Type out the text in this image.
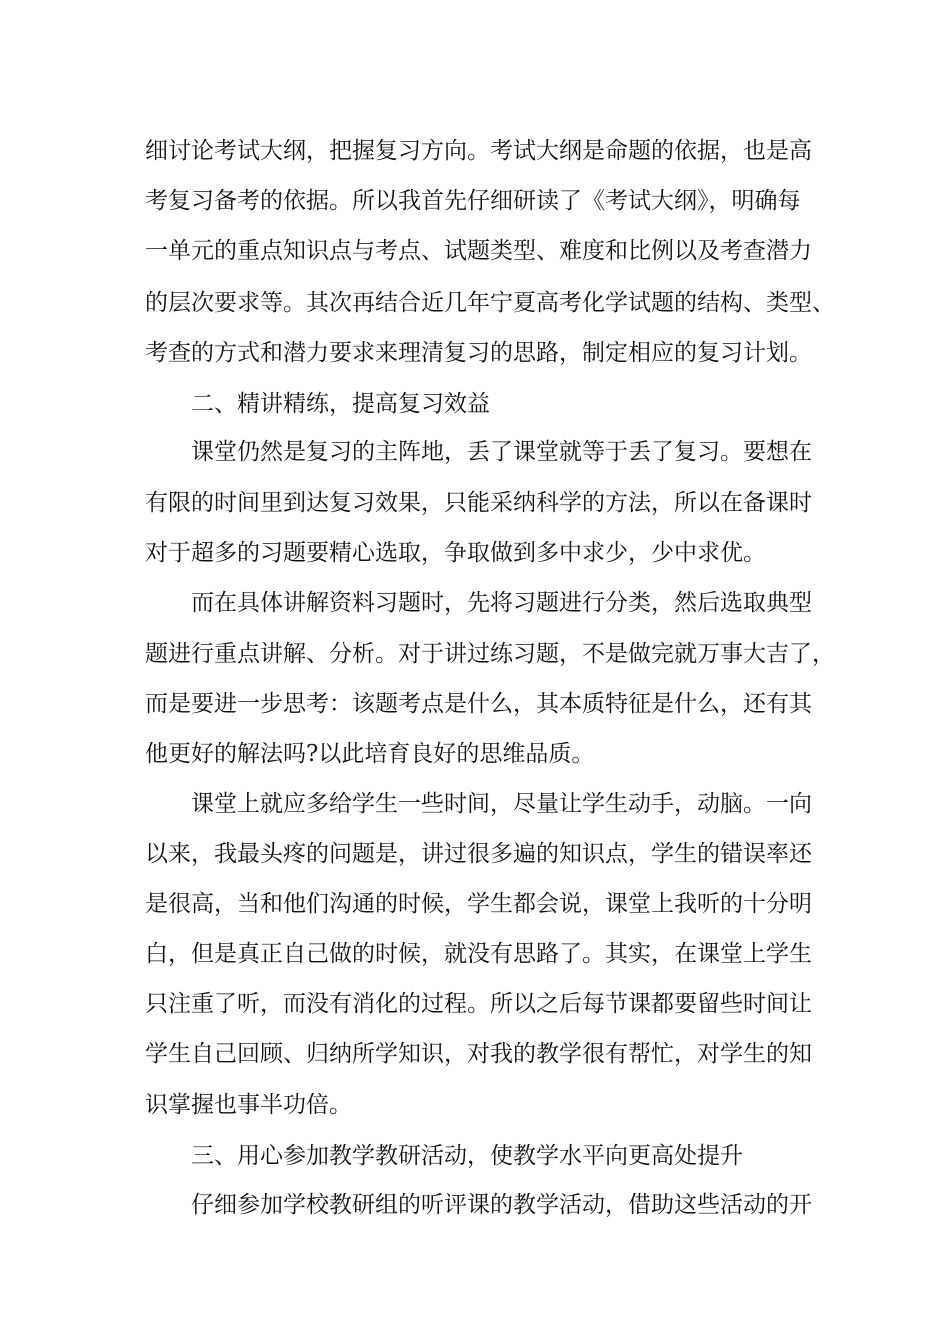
细讨论考试大纲，把握复习方向。考试大纲是命题的依据，也是高
考复习备考的依据。所以我首先仔细研读了《考试大纲》，明确每
一单元的重点知识点与考点、试题类型、难度和比例以及考查潜力
的层次要求等。其次再结合近几年宁夏高考化学试题的结构、类型、
考查的方式和潜力要求来理清复习的思路，制定相应的复习计划。
二、精讲精练，提高复习效益
课堂仍然是复习的主阵地，丢了课堂就等于丢了复习。要想在
有限的时间里到达复习效果，只能采纳科学的方法，所以在备课时
对于超多的习题要精心选取，争取做到多中求少，少中求优。
而在具体讲解资料习题时，先将习题进行分类，然后选取典型
题进行重点讲解、分析。对于讲过练习题，不是做完就万事大吉了，
而是要进一步思考：该题考点是什么，其本质特征是什么，还有其
他更好的解法吗?以此培育良好的思维品质。
课堂上就应多给学生一些时间，尽量让学生动手，动脑。一向
以来，我最头疼的问题是，讲过很多遍的知识点，学生的错误率还
是很高，当和他们沟通的时候，学生都会说，课堂上我听的十分明
白，但是真正自己做的时候，就没有思路了。其实，在课堂上学生
只注重了听，而没有消化的过程。所以之后每节课都要留些时间让
学生自己回顾、归纳所学知识，对我的教学很有帮忙，对学生的知
识掌握也事半功倍。
三、用心参加教学教研活动，使教学水平向更高处提升
仔细参加学校教研组的听评课的教学活动，借助这些活动的开
